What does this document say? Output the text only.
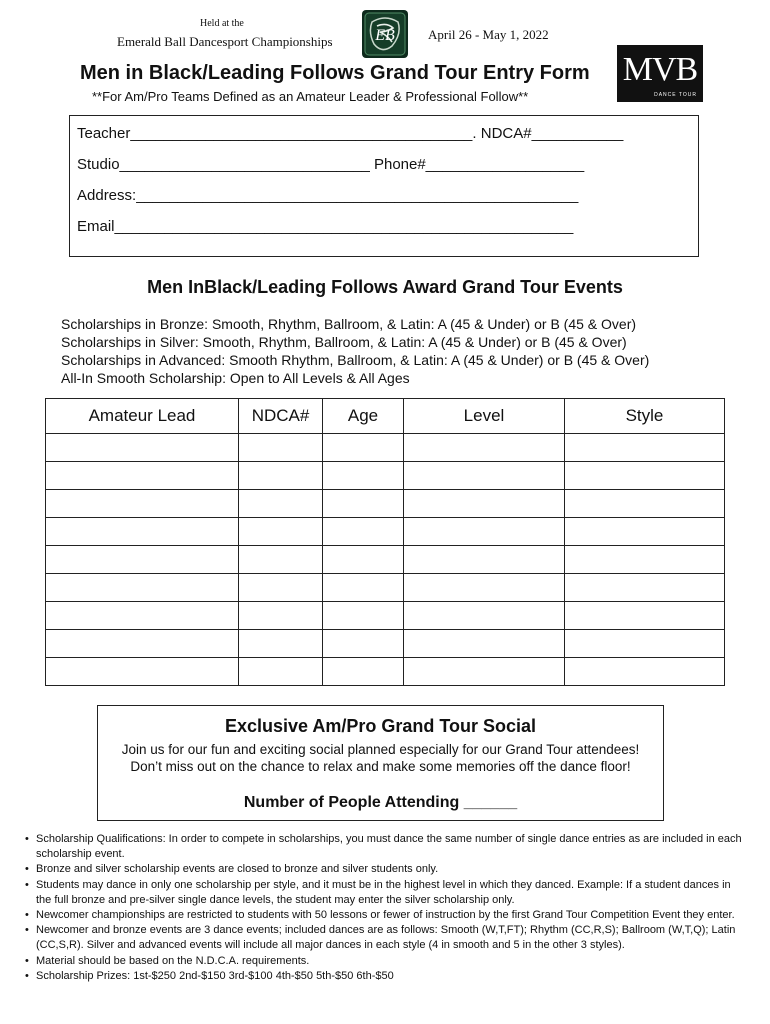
Held at the
Emerald Ball Dancesport Championships	EB	April 26 - May 1, 2022
MVB
DANCE TOUR
Men in Black/Leading Follows Grand Tour Entry Form
**For Am/Pro Teams Defined as an Amateur Leader & Professional Follow**
Teacher_________________________________________. NDCA#___________
Studio______________________________ Phone#___________________
Address:_____________________________________________________
Email_______________________________________________________
Men InBlack/Leading Follows Award Grand Tour Events
Scholarships in Bronze: Smooth, Rhythm, Ballroom, & Latin: A (45 & Under) or B (45 & Over)
Scholarships in Silver: Smooth, Rhythm, Ballroom, & Latin: A (45 & Under) or B (45 & Over)
Scholarships in Advanced: Smooth Rhythm, Ballroom, & Latin: A (45 & Under) or B (45 & Over)
All-In Smooth Scholarship: Open to All Levels & All Ages
Amateur Lead	NDCA#	Age	Level	Style

Exclusive Am/Pro Grand Tour Social
Join us for our fun and exciting social planned especially for our Grand Tour attendees!
Don’t miss out on the chance to relax and make some memories off the dance floor!
Number of People Attending ______
• Scholarship Qualifications: In order to compete in scholarships, you must dance the same number of single dance entries as are included in each scholarship event.
• Bronze and silver scholarship events are closed to bronze and silver students only.
• Students may dance in only one scholarship per style, and it must be in the highest level in which they danced. Example: If a student dances in the full bronze and pre-silver single dance levels, the student may enter the silver scholarship only.
• Newcomer championships are restricted to students with 50 lessons or fewer of instruction by the first Grand Tour Competition Event they enter.
• Newcomer and bronze events are 3 dance events; included dances are as follows: Smooth (W,T,FT); Rhythm (CC,R,S); Ballroom (W,T,Q); Latin (CC,S,R). Silver and advanced events will include all major dances in each style (4 in smooth and 5 in the other 3 styles).
• Material should be based on the N.D.C.A. requirements.
• Scholarship Prizes: 1st-$250 2nd-$150 3rd-$100 4th-$50 5th-$50 6th-$50
